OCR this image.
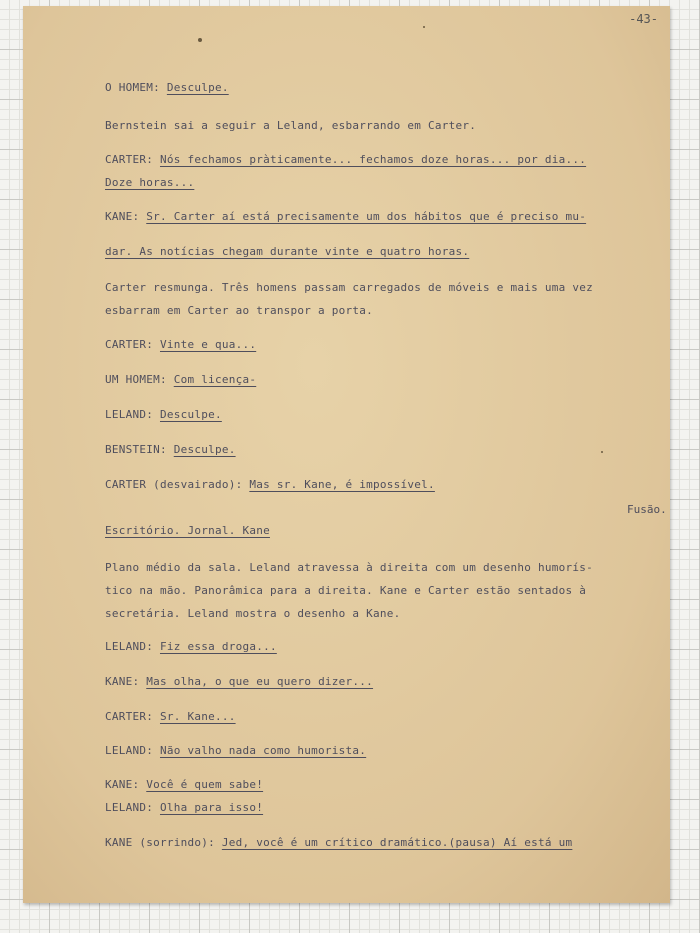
-43-
O HOMEM: Desculpe.
Bernstein sai a seguir a Leland, esbarrando em Carter.
CARTER: Nós fechamos pràticamente... fechamos doze horas... por dia...
Doze horas...
KANE: Sr. Carter aí está precisamente um dos hábitos que é preciso mu-
dar. As notícias chegam durante vinte e quatro horas.
Carter resmunga. Três homens passam carregados de móveis e mais uma vez
esbarram em Carter ao transpor a porta.
CARTER: Vinte e qua...
UM HOMEM: Com licença-
LELAND: Desculpe.
BENSTEIN: Desculpe.
CARTER (desvairado): Mas sr. Kane, é impossível.
Fusão.
Escritório. Jornal. Kane
Plano médio da sala. Leland atravessa à direita com um desenho humorís-
tico na mão. Panorâmica para a direita. Kane e Carter estão sentados à
secretária. Leland mostra o desenho a Kane.
LELAND: Fiz essa droga...
KANE: Mas olha, o que eu quero dizer...
CARTER: Sr. Kane...
LELAND: Não valho nada como humorista.
KANE: Você é quem sabe!
LELAND: Olha para isso!
KANE (sorrindo): Jed, você é um crítico dramático.(pausa) Aí está um
